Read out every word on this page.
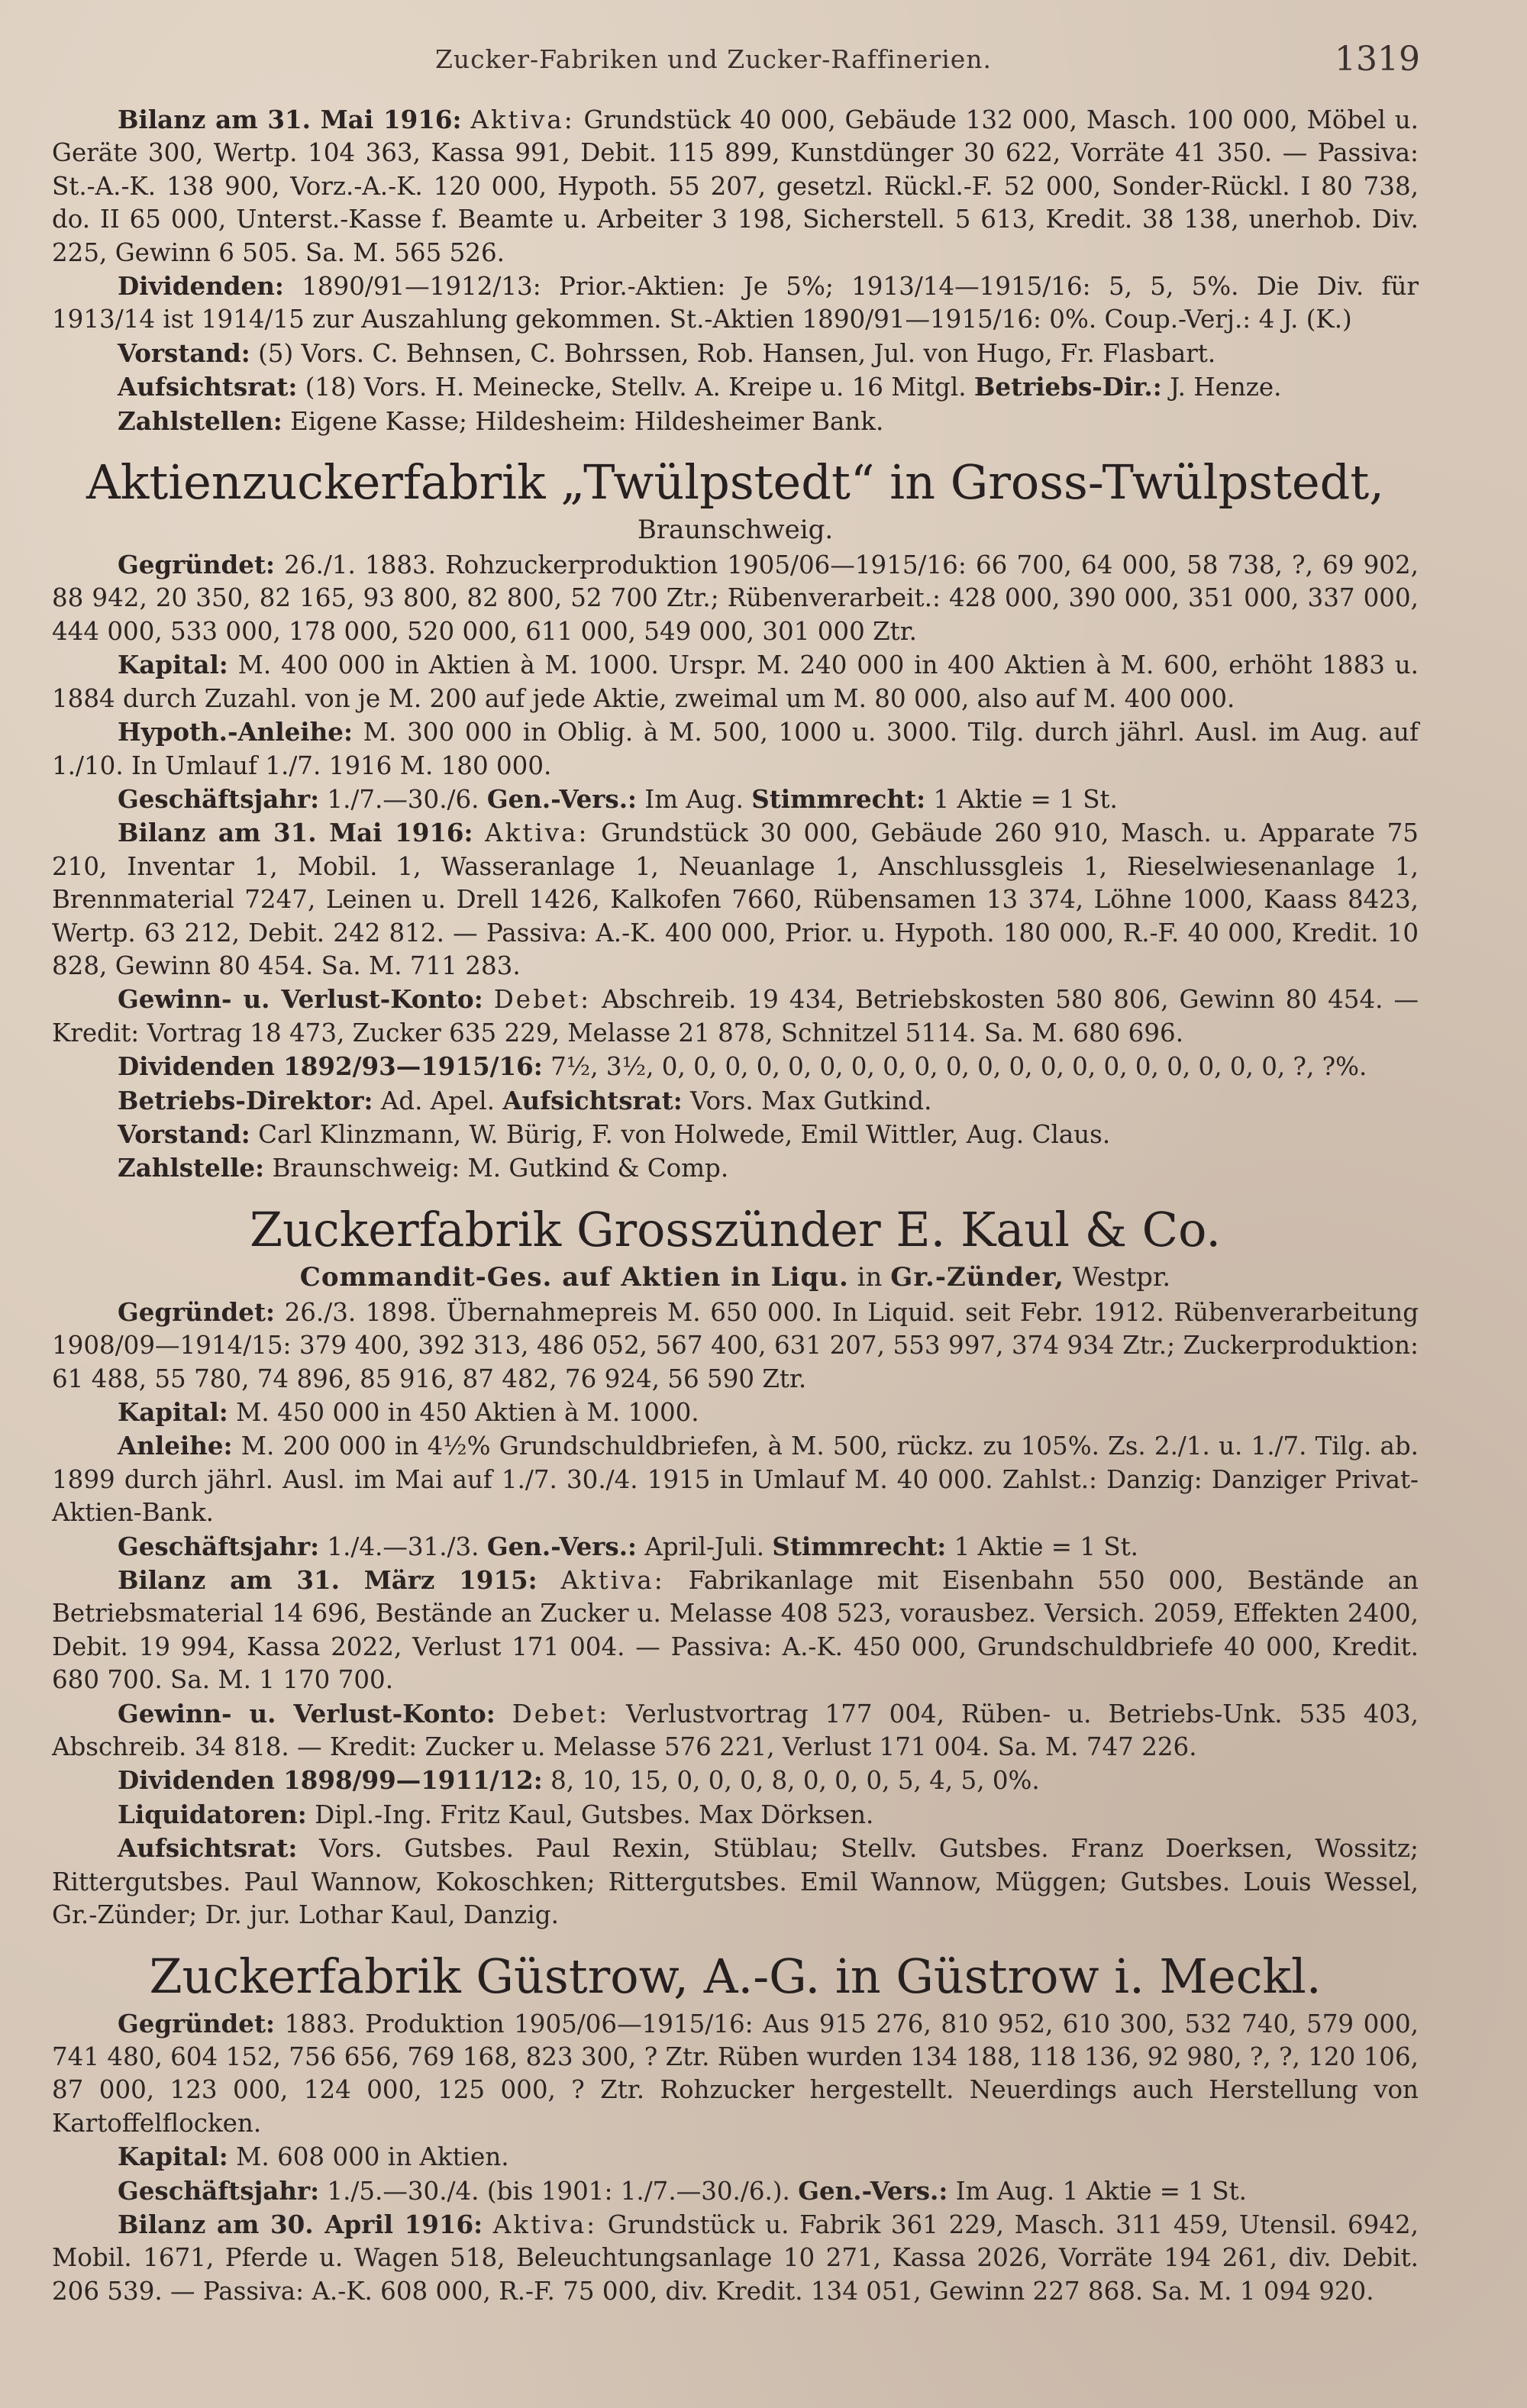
Zucker-Fabriken und Zucker-Raffinerien.	1319

Bilanz am 31. Mai 1916: Aktiva: Grundstück 40 000, Gebäude 132 000, Masch. 100 000, Möbel u. Geräte 300, Wertp. 104 363, Kassa 991, Debit. 115 899, Kunstdünger 30 622, Vorräte 41 350. — Passiva: St.-A.-K. 138 900, Vorz.-A.-K. 120 000, Hypoth. 55 207, gesetzl. Rückl.-F. 52 000, Sonder-Rückl. I 80 738, do. II 65 000, Unterst.-Kasse f. Beamte u. Arbeiter 3 198, Sicherstell. 5 613, Kredit. 38 138, unerhob. Div. 225, Gewinn 6 505. Sa. M. 565 526.

Dividenden: 1890/91—1912/13: Prior.-Aktien: Je 5%; 1913/14—1915/16: 5, 5, 5%. Die Div. für 1913/14 ist 1914/15 zur Auszahlung gekommen. St.-Aktien 1890/91—1915/16: 0%. Coup.-Verj.: 4 J. (K.)

Vorstand: (5) Vors. C. Behnsen, C. Bohrssen, Rob. Hansen, Jul. von Hugo, Fr. Flasbart.

Aufsichtsrat: (18) Vors. H. Meinecke, Stellv. A. Kreipe u. 16 Mitgl. Betriebs-Dir.: J. Henze.

Zahlstellen: Eigene Kasse; Hildesheim: Hildesheimer Bank.

Aktienzuckerfabrik „Twülpstedt“ in Gross-Twülpstedt,
Braunschweig.

Gegründet: 26./1. 1883. Rohzuckerproduktion 1905/06—1915/16: 66 700, 64 000, 58 738, ?, 69 902, 88 942, 20 350, 82 165, 93 800, 82 800, 52 700 Ztr.; Rübenverarbeit.: 428 000, 390 000, 351 000, 337 000, 444 000, 533 000, 178 000, 520 000, 611 000, 549 000, 301 000 Ztr.

Kapital: M. 400 000 in Aktien à M. 1000. Urspr. M. 240 000 in 400 Aktien à M. 600, erhöht 1883 u. 1884 durch Zuzahl. von je M. 200 auf jede Aktie, zweimal um M. 80 000, also auf M. 400 000.

Hypoth.-Anleihe: M. 300 000 in Oblig. à M. 500, 1000 u. 3000. Tilg. durch jährl. Ausl. im Aug. auf 1./10. In Umlauf 1./7. 1916 M. 180 000.

Geschäftsjahr: 1./7.—30./6. Gen.-Vers.: Im Aug. Stimmrecht: 1 Aktie = 1 St.

Bilanz am 31. Mai 1916: Aktiva: Grundstück 30 000, Gebäude 260 910, Masch. u. Apparate 75 210, Inventar 1, Mobil. 1, Wasseranlage 1, Neuanlage 1, Anschlussgleis 1, Rieselwiesenanlage 1, Brennmaterial 7247, Leinen u. Drell 1426, Kalkofen 7660, Rübensamen 13 374, Löhne 1000, Kaass 8423, Wertp. 63 212, Debit. 242 812. — Passiva: A.-K. 400 000, Prior. u. Hypoth. 180 000, R.-F. 40 000, Kredit. 10 828, Gewinn 80 454. Sa. M. 711 283.

Gewinn- u. Verlust-Konto: Debet: Abschreib. 19 434, Betriebskosten 580 806, Gewinn 80 454. — Kredit: Vortrag 18 473, Zucker 635 229, Melasse 21 878, Schnitzel 5114. Sa. M. 680 696.

Dividenden 1892/93—1915/16: 7½, 3½, 0, 0, 0, 0, 0, 0, 0, 0, 0, 0, 0, 0, 0, 0, 0, 0, 0, 0, 0, 0, ?, ?%.

Betriebs-Direktor: Ad. Apel. Aufsichtsrat: Vors. Max Gutkind.

Vorstand: Carl Klinzmann, W. Bürig, F. von Holwede, Emil Wittler, Aug. Claus.

Zahlstelle: Braunschweig: M. Gutkind & Comp.

Zuckerfabrik Grosszünder E. Kaul & Co.
Commandit-Ges. auf Aktien in Liqu. in Gr.-Zünder, Westpr.

Gegründet: 26./3. 1898. Übernahmepreis M. 650 000. In Liquid. seit Febr. 1912. Rübenverarbeitung 1908/09—1914/15: 379 400, 392 313, 486 052, 567 400, 631 207, 553 997, 374 934 Ztr.; Zuckerproduktion: 61 488, 55 780, 74 896, 85 916, 87 482, 76 924, 56 590 Ztr.

Kapital: M. 450 000 in 450 Aktien à M. 1000.

Anleihe: M. 200 000 in 4½% Grundschuldbriefen, à M. 500, rückz. zu 105%. Zs. 2./1. u. 1./7. Tilg. ab. 1899 durch jährl. Ausl. im Mai auf 1./7. 30./4. 1915 in Umlauf M. 40 000. Zahlst.: Danzig: Danziger Privat-Aktien-Bank.

Geschäftsjahr: 1./4.—31./3. Gen.-Vers.: April-Juli. Stimmrecht: 1 Aktie = 1 St.

Bilanz am 31. März 1915: Aktiva: Fabrikanlage mit Eisenbahn 550 000, Bestände an Betriebsmaterial 14 696, Bestände an Zucker u. Melasse 408 523, vorausbez. Versich. 2059, Effekten 2400, Debit. 19 994, Kassa 2022, Verlust 171 004. — Passiva: A.-K. 450 000, Grundschuldbriefe 40 000, Kredit. 680 700. Sa. M. 1 170 700.

Gewinn- u. Verlust-Konto: Debet: Verlustvortrag 177 004, Rüben- u. Betriebs-Unk. 535 403, Abschreib. 34 818. — Kredit: Zucker u. Melasse 576 221, Verlust 171 004. Sa. M. 747 226.

Dividenden 1898/99—1911/12: 8, 10, 15, 0, 0, 0, 8, 0, 0, 0, 5, 4, 5, 0%.

Liquidatoren: Dipl.-Ing. Fritz Kaul, Gutsbes. Max Dörksen.

Aufsichtsrat: Vors. Gutsbes. Paul Rexin, Stüblau; Stellv. Gutsbes. Franz Doerksen, Wossitz; Rittergutsbes. Paul Wannow, Kokoschken; Rittergutsbes. Emil Wannow, Müggen; Gutsbes. Louis Wessel, Gr.-Zünder; Dr. jur. Lothar Kaul, Danzig.

Zuckerfabrik Güstrow, A.-G. in Güstrow i. Meckl.

Gegründet: 1883. Produktion 1905/06—1915/16: Aus 915 276, 810 952, 610 300, 532 740, 579 000, 741 480, 604 152, 756 656, 769 168, 823 300, ? Ztr. Rüben wurden 134 188, 118 136, 92 980, ?, ?, 120 106, 87 000, 123 000, 124 000, 125 000, ? Ztr. Rohzucker hergestellt. Neuerdings auch Herstellung von Kartoffelflocken.

Kapital: M. 608 000 in Aktien.

Geschäftsjahr: 1./5.—30./4. (bis 1901: 1./7.—30./6.). Gen.-Vers.: Im Aug. 1 Aktie = 1 St.

Bilanz am 30. April 1916: Aktiva: Grundstück u. Fabrik 361 229, Masch. 311 459, Utensil. 6942, Mobil. 1671, Pferde u. Wagen 518, Beleuchtungsanlage 10 271, Kassa 2026, Vorräte 194 261, div. Debit. 206 539. — Passiva: A.-K. 608 000, R.-F. 75 000, div. Kredit. 134 051, Gewinn 227 868. Sa. M. 1 094 920.
